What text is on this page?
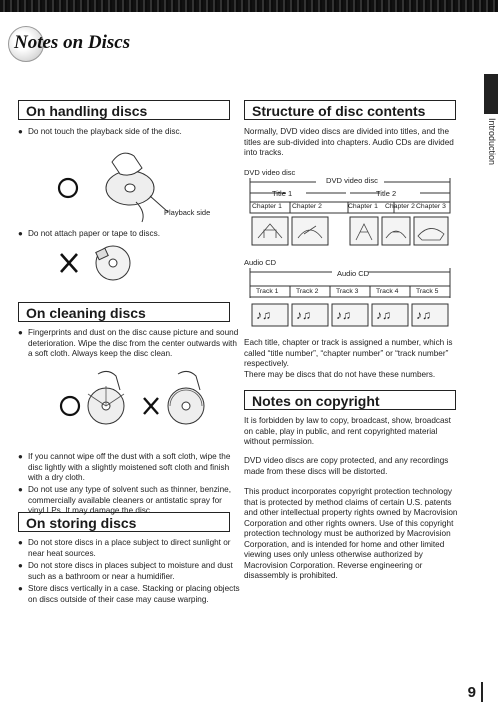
Notes on Discs
Introduction
On handling discs
● Do not touch the playback side of the disc.
Playback side
● Do not attach paper or tape to discs.
On cleaning discs
● Fingerprints and dust on the disc cause picture and sound deterioration. Wipe the disc from the center outwards with a soft cloth. Always keep the disc clean.
● If you cannot wipe off the dust with a soft cloth, wipe the disc lightly with a slightly moistened soft cloth and finish with a dry cloth.
● Do not use any type of solvent such as thinner, benzine, commercially available cleaners or antistatic spray for vinyl LPs. It may damage the disc.
On storing discs
● Do not store discs in a place subject to direct sunlight or near heat sources.
● Do not store discs in places subject to moisture and dust such as a bathroom or near a humidifier.
● Store discs vertically in a case. Stacking or placing objects on discs outside of their case may cause warping.
Structure of disc contents
Normally, DVD video discs are divided into titles, and the titles are sub-divided into chapters. Audio CDs are divided into tracks.
DVD video disc
DVD video disc
Title 1	Title 2
Chapter 1 Chapter 2	Chapter 1 Chapter 2 Chapter 3
Audio CD
Audio CD
Track 1	Track 2	Track 3	Track 4	Track 5
♪♫ ♪♫ ♪♫ ♪♫ ♪♫
Each title, chapter or track is assigned a number, which is called “title number”, “chapter number” or “track number” respectively.
There may be discs that do not have these numbers.
Notes on copyright
It is forbidden by law to copy, broadcast, show, broadcast on cable, play in public, and rent copyrighted material without permission.
DVD video discs are copy protected, and any recordings made from these discs will be distorted.
This product incorporates copyright protection technology that is protected by method claims of certain U.S. patents and other intellectual property rights owned by Macrovision Corporation and other rights owners. Use of this copyright protection technology must be authorized by Macrovision Corporation, and is intended for home and other limited viewing uses only unless otherwise authorized by Macrovision Corporation. Reverse engineering or disassembly is prohibited.
9
